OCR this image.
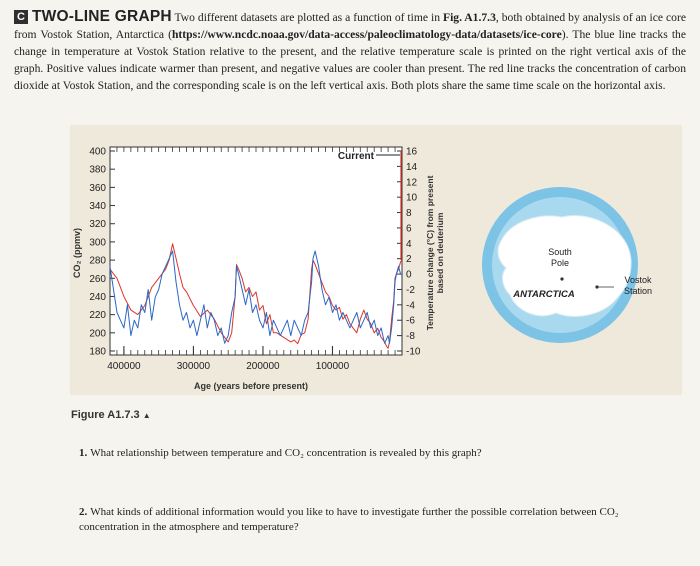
C TWO-LINE GRAPH Two different datasets are plotted as a function of time in Fig. A1.7.3, both obtained by analysis of an ice core from Vostok Station, Antarctica (https://www.ncdc.noaa.gov/data-access/paleoclimatology-data/datasets/ice-core). The blue line tracks the change in temperature at Vostok Station relative to the present, and the relative temperature scale is printed on the right vertical axis of the graph. Positive values indicate warmer than present, and negative values are cooler than present. The red line tracks the concentration of carbon dioxide at Vostok Station, and the corresponding scale is on the left vertical axis. Both plots share the same time scale on the horizontal axis.
400
380
360
340
320
300
280
260
240
220
200
180
16
14
12
10
8
6
4
2
0
-2
-4
-6
-8
-10
400000	300000	200000	100000
CO₂ (ppmv)	Temperature change (°C) from present based on deuterium
Age (years before present)
Current
South
Pole
ANTARCTICA
Vostok
Station
Figure A1.7.3 ▲
1. What relationship between temperature and CO₂ concentration is revealed by this graph?
2. What kinds of additional information would you like to have to investigate further the possible correlation between CO₂ concentration in the atmosphere and temperature?
